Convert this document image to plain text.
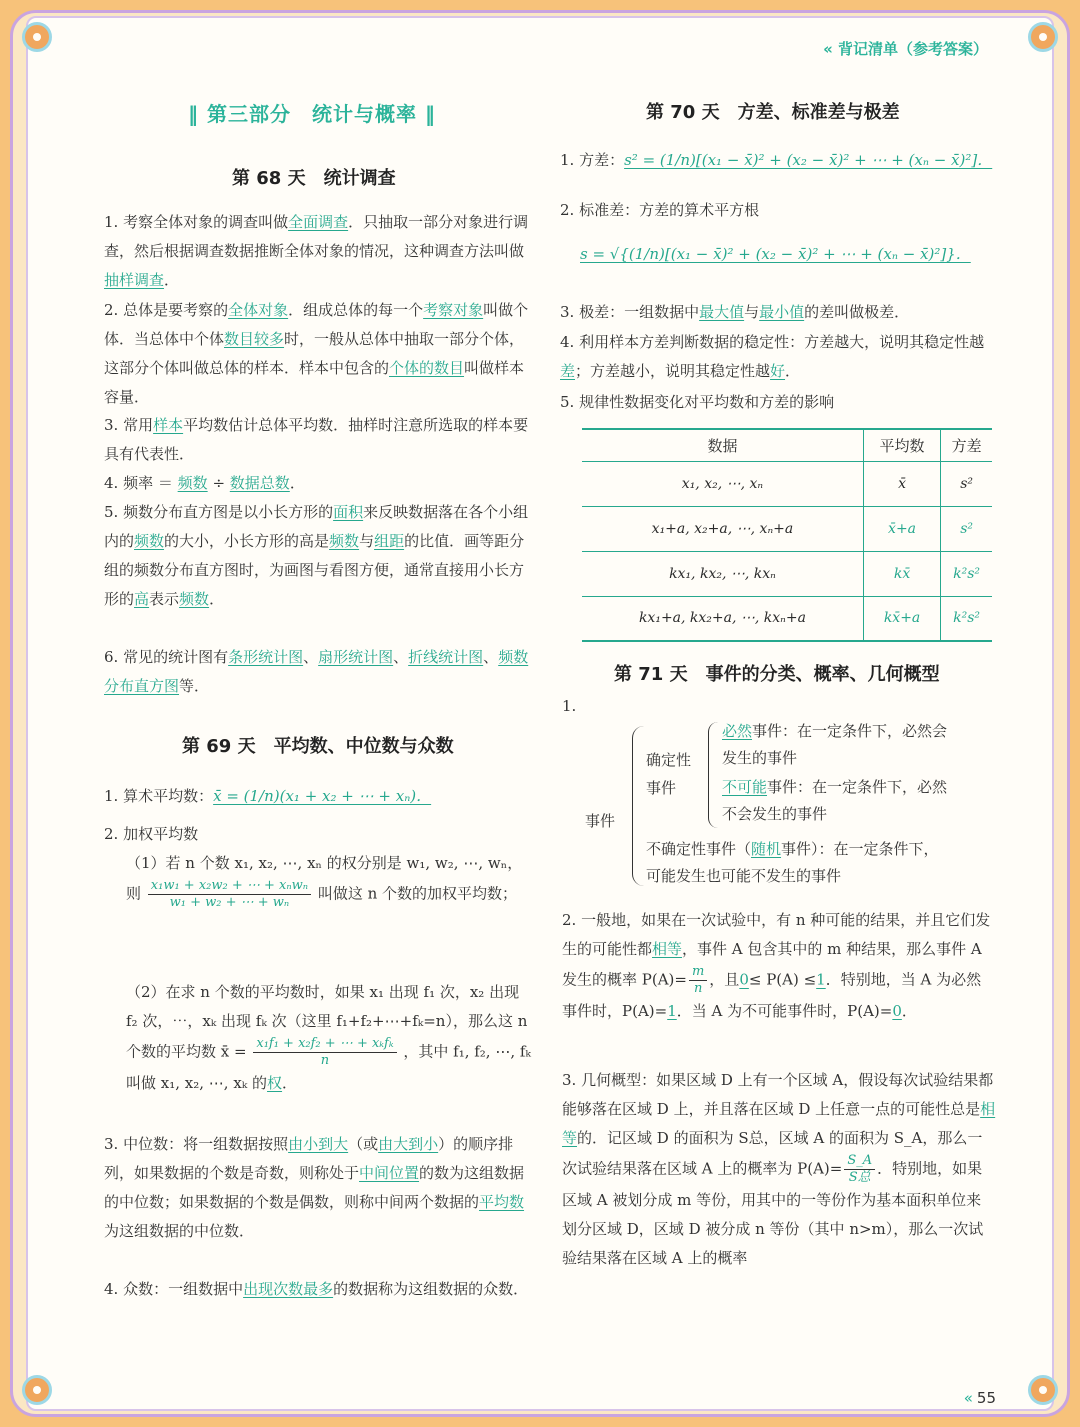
« 背记清单（参考答案）
« 55
‖ 第三部分　统计与概率 ‖
第 68 天　统计调查
1. 考察全体对象的调查叫做全面调查．只抽取一部分对象进行调查，然后根据调查数据推断全体对象的情况，这种调查方法叫做抽样调查．
2. 总体是要考察的全体对象．组成总体的每一个考察对象叫做个体．当总体中个体数目较多时，一般从总体中抽取一部分个体，这部分个体叫做总体的样本．样本中包含的个体的数目叫做样本容量．
3. 常用样本平均数估计总体平均数．抽样时注意所选取的样本要具有代表性．
4. 频率 ＝ 频数 ÷ 数据总数．
5. 频数分布直方图是以小长方形的面积来反映数据落在各个小组内的频数的大小，小长方形的高是频数与组距的比值．画等距分组的频数分布直方图时，为画图与看图方便，通常直接用小长方形的高表示频数．
6. 常见的统计图有条形统计图、扇形统计图、折线统计图、频数分布直方图等．
第 69 天　平均数、中位数与众数
1. 算术平均数：x̄ = (1/n)(x₁ + x₂ + ⋯ + xₙ)．
2. 加权平均数
（1）若 n 个数 x₁, x₂, ⋯, xₙ 的权分别是 w₁, w₂, ⋯, wₙ，则 $\frac{\text{x₁w₁ + x₂w₂ + ⋯ + xₙwₙ}}{\text{w₁ + w₂ + ⋯ + wₙ}}$ 叫做这 n 个数的加权平均数；
（2）在求 n 个数的平均数时，如果 x₁ 出现 f₁ 次，x₂ 出现 f₂ 次，⋯，xₖ 出现 fₖ 次（这里 f₁+f₂+⋯+fₖ=n），那么这 n 个数的平均数 x̄ = $\frac{\text{x₁f₁ + x₂f₂ + ⋯ + xₖfₖ}}{n}$ ，其中 f₁, f₂, ⋯, fₖ 叫做 x₁, x₂, ⋯, xₖ 的权．
3. 中位数：将一组数据按照由小到大（或由大到小）的顺序排列，如果数据的个数是奇数，则称处于中间位置的数为这组数据的中位数；如果数据的个数是偶数，则称中间两个数据的平均数为这组数据的中位数．
4. 众数：一组数据中出现次数最多的数据称为这组数据的众数．
第 70 天　方差、标准差与极差
1. 方差：s² = (1/n)[(x₁ − x̄)² + (x₂ − x̄)² + ⋯ + (xₙ − x̄)²]．
2. 标准差：方差的算术平方根
s = √{(1/n)[(x₁ − x̄)² + (x₂ − x̄)² + ⋯ + (xₙ − x̄)²]}．
3. 极差：一组数据中最大值与最小值的差叫做极差．
4. 利用样本方差判断数据的稳定性：方差越大，说明其稳定性越差；方差越小，说明其稳定性越好．
5. 规律性数据变化对平均数和方差的影响
数据	平均数	方差
x₁, x₂, ⋯, xₙ	x̄	s²
x₁+a, x₂+a, ⋯, xₙ+a	x̄+a	s²
kx₁, kx₂, ⋯, kxₙ	kx̄	k²s²
kx₁+a, kx₂+a, ⋯, kxₙ+a	kx̄+a	k²s²
第 71 天　事件的分类、概率、几何概型
1.
事件
确定性事件
必然事件：在一定条件下，必然会发生的事件
不可能事件：在一定条件下，必然不会发生的事件
不确定性事件（随机事件）：在一定条件下，可能发生也可能不发生的事件
2. 一般地，如果在一次试验中，有 n 种可能的结果，并且它们发生的可能性都相等，事件 A 包含其中的 m 种结果，那么事件 A 发生的概率 $P(A)= \frac{m}{n}$ ，且0≤ P(A) ≤1．特别地，当 A 为必然事件时，P(A)=1．当 A 为不可能事件时，P(A)=0．
3. 几何概型：如果区域 D 上有一个区域 A，假设每次试验结果都能够落在区域 D 上，并且落在区域 D 上任意一点的可能性总是相等的．记区域 D 的面积为 S总，区域 A 的面积为 S_A，那么一次试验结果落在区域 A 上的概率为 $P(A)= \frac{S\_A}{\text{S总}}$ ．特别地，如果区域 A 被划分成 m 等份，用其中的一等份作为基本面积单位来划分区域 D，区域 D 被分成 n 等份（其中 n>m），那么一次试验结果落在区域 A 上的概率
